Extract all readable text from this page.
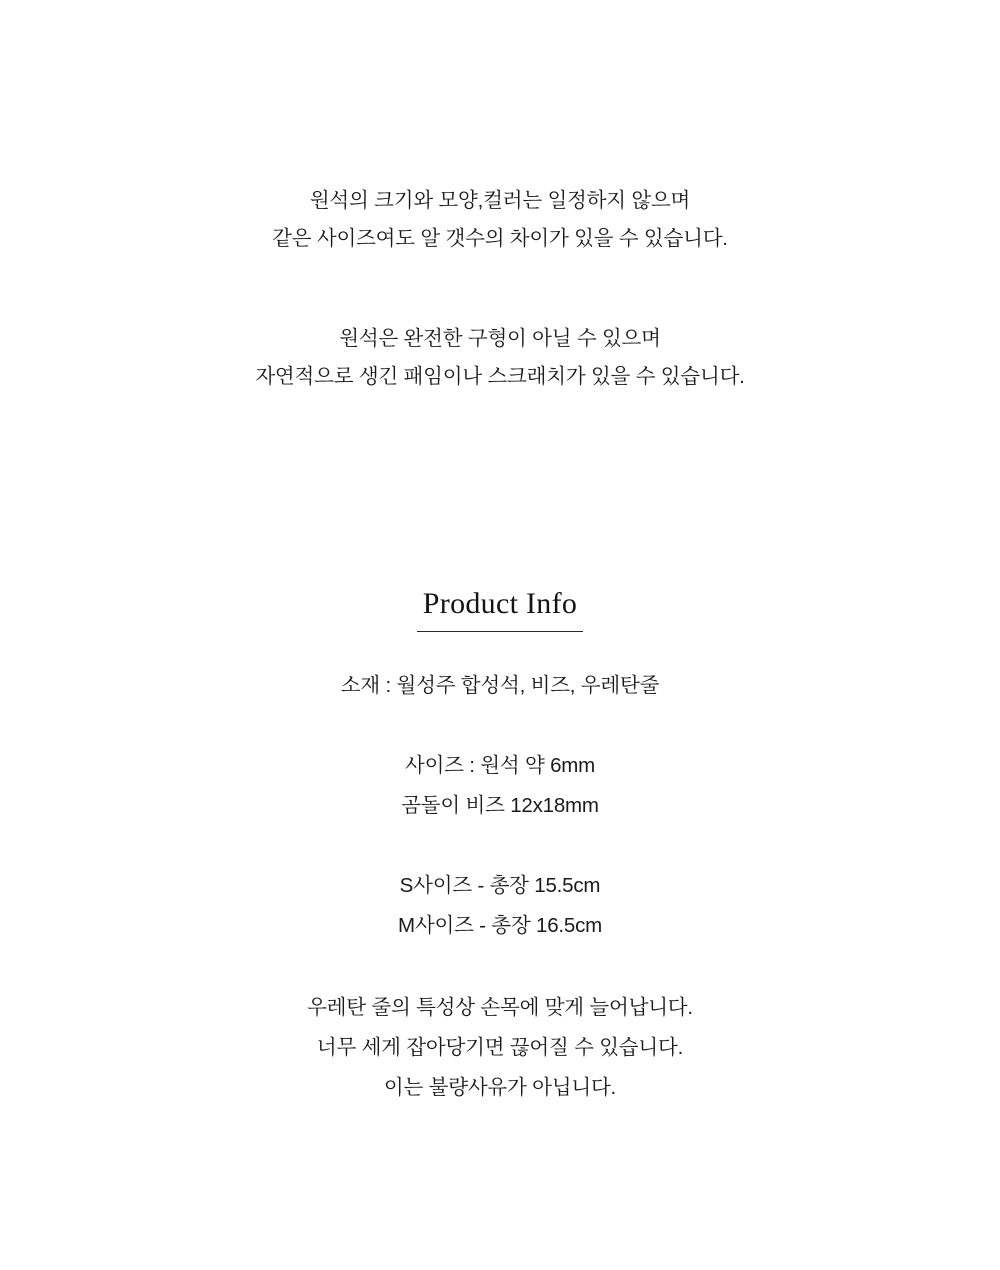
원석의 크기와 모양,컬러는 일정하지 않으며
같은 사이즈여도 알 갯수의 차이가 있을 수 있습니다.
원석은 완전한 구형이 아닐 수 있으며
자연적으로 생긴 패임이나 스크래치가 있을 수 있습니다.
Product Info
소재 : 월성주 합성석, 비즈, 우레탄줄
사이즈 : 원석 약 6mm
곰돌이 비즈 12x18mm
S사이즈 - 총장 15.5cm
M사이즈 - 총장 16.5cm
우레탄 줄의 특성상 손목에 맞게 늘어납니다.
너무 세게 잡아당기면 끊어질 수 있습니다.
이는 불량사유가 아닙니다.
